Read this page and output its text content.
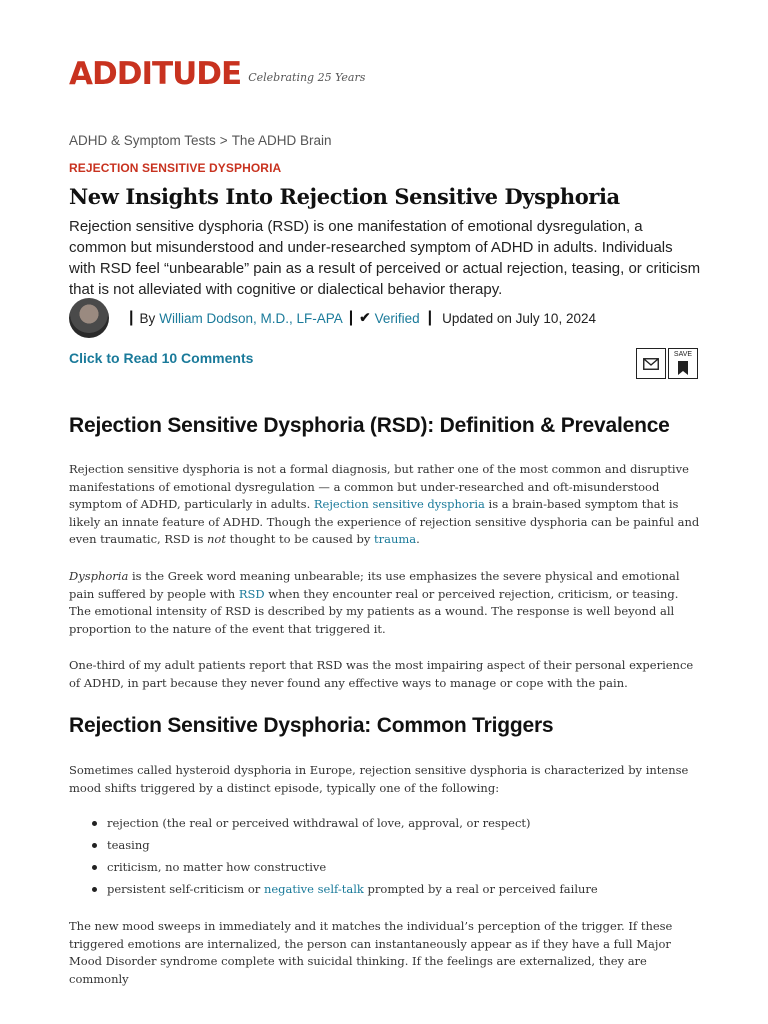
ADDITUDE Celebrating 25 Years
ADHD & Symptom Tests > The ADHD Brain
REJECTION SENSITIVE DYSPHORIA
New Insights Into Rejection Sensitive Dysphoria

Rejection sensitive dysphoria (RSD) is one manifestation of emotional dysregulation, a common but misunderstood and under-researched symptom of ADHD in adults. Individuals with RSD feel “unbearable” pain as a result of perceived or actual rejection, teasing, or criticism that is not alleviated with cognitive or dialectical behavior therapy.

| By William Dodson, M.D., LF-APA | ✔ Verified | Updated on July 10, 2024
Click to Read 10 Comments	SAVE
Rejection Sensitive Dysphoria (RSD): Definition & Prevalence

Rejection sensitive dysphoria is not a formal diagnosis, but rather one of the most common and disruptive manifestations of emotional dysregulation — a common but under-researched and oft-misunderstood symptom of ADHD, particularly in adults. Rejection sensitive dysphoria is a brain-based symptom that is likely an innate feature of ADHD. Though the experience of rejection sensitive dysphoria can be painful and even traumatic, RSD is not thought to be caused by trauma.

Dysphoria is the Greek word meaning unbearable; its use emphasizes the severe physical and emotional pain suffered by people with RSD when they encounter real or perceived rejection, criticism, or teasing. The emotional intensity of RSD is described by my patients as a wound. The response is well beyond all proportion to the nature of the event that triggered it.

One-third of my adult patients report that RSD was the most impairing aspect of their personal experience of ADHD, in part because they never found any effective ways to manage or cope with the pain.

Rejection Sensitive Dysphoria: Common Triggers

Sometimes called hysteroid dysphoria in Europe, rejection sensitive dysphoria is characterized by intense mood shifts triggered by a distinct episode, typically one of the following:

rejection (the real or perceived withdrawal of love, approval, or respect)
teasing
criticism, no matter how constructive
persistent self-criticism or negative self-talk prompted by a real or perceived failure

The new mood sweeps in immediately and it matches the individual’s perception of the trigger. If these triggered emotions are internalized, the person can instantaneously appear as if they have a full Major Mood Disorder syndrome complete with suicidal thinking. If the feelings are externalized, they are commonly
